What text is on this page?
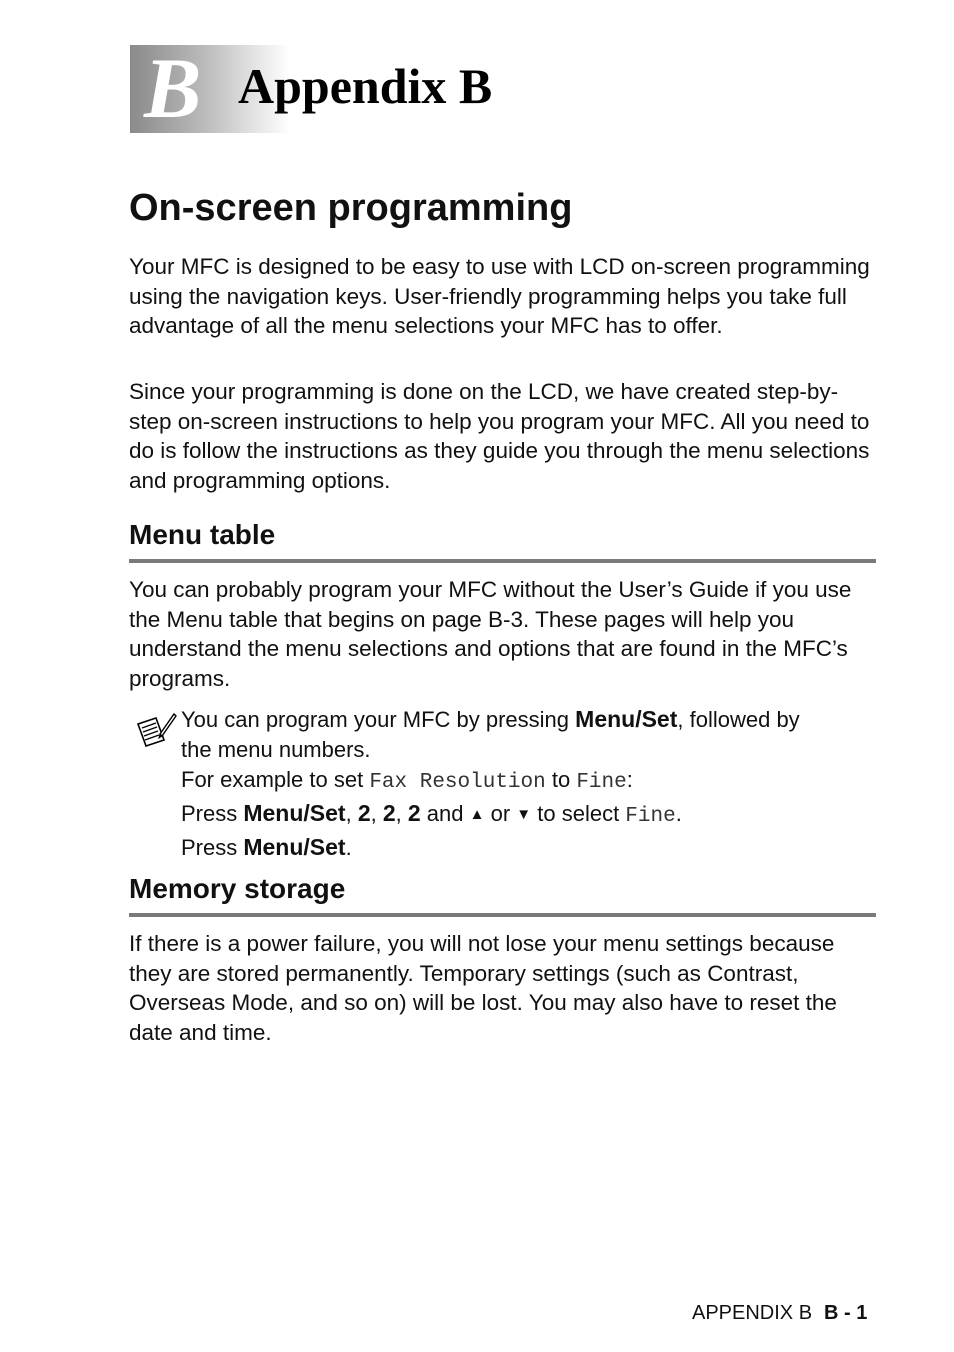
B Appendix B
On-screen programming

Your MFC is designed to be easy to use with LCD on-screen programming using the navigation keys. User-friendly programming helps you take full advantage of all the menu selections your MFC has to offer.

Since your programming is done on the LCD, we have created step-by-step on-screen instructions to help you program your MFC. All you need to do is follow the instructions as they guide you through the menu selections and programming options.

Menu table

You can probably program your MFC without the User’s Guide if you use the Menu table that begins on page B-3. These pages will help you understand the menu selections and options that are found in the MFC’s programs.

You can program your MFC by pressing Menu/Set, followed by
the menu numbers.
For example to set Fax Resolution to Fine:
Press Menu/Set, 2, 2, 2 and ▲ or ▼ to select Fine.
Press Menu/Set.
Memory storage

If there is a power failure, you will not lose your menu settings because they are stored permanently. Temporary settings (such as Contrast, Overseas Mode, and so on) will be lost. You may also have to reset the date and time.

APPENDIX B B - 1
